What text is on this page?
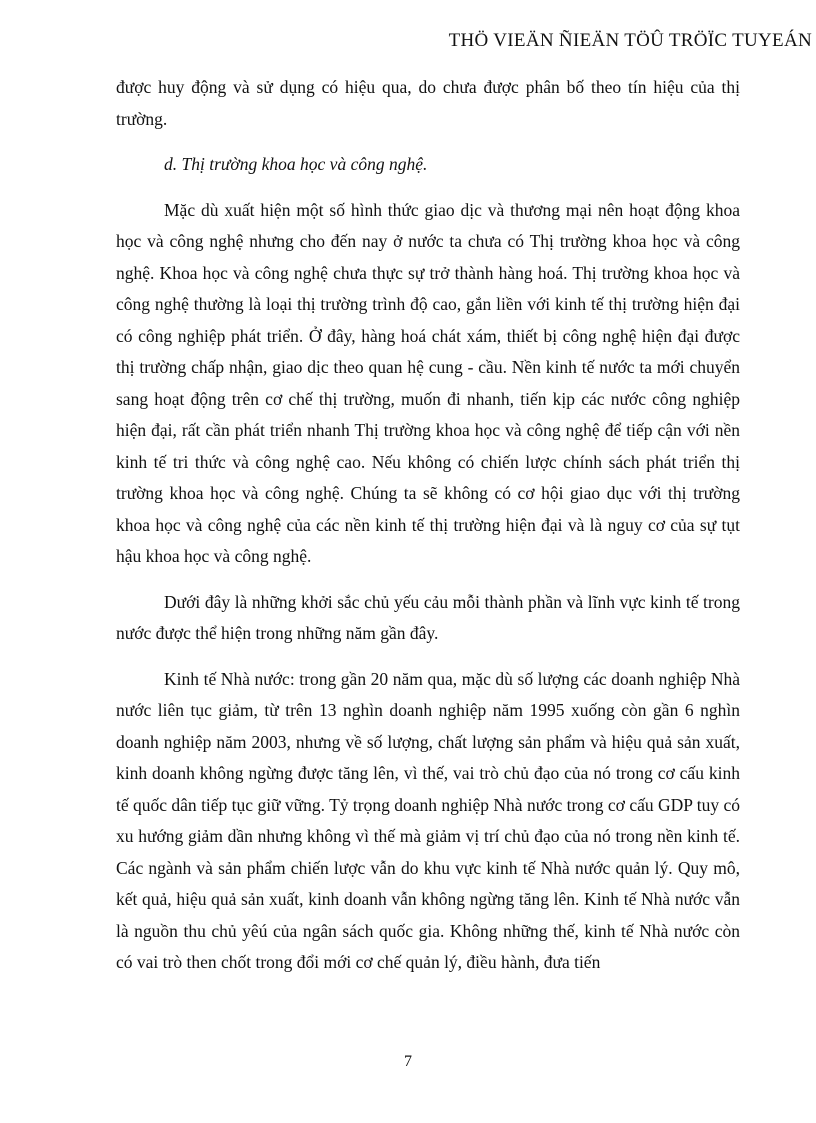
THÖ VIEÄN ÑIEÄN TÖÛ TRÖÏC TUYEÁN

được huy động và sử dụng có hiệu qua, do chưa được phân bố theo tín hiệu của thị trường.

d. Thị trường khoa học và công nghệ.

Mặc dù xuất hiện một số hình thức giao dịc và thương mại nên hoạt động khoa học và công nghệ nhưng cho đến nay ở nước ta chưa có Thị trường khoa học và công nghệ. Khoa học và công nghệ chưa thực sự trở thành hàng hoá. Thị trường khoa học và công nghệ thường là loại thị trường trình độ cao, gắn liền với kinh tế thị trường hiện đại có công nghiệp phát triển. Ở đây, hàng hoá chát xám, thiết bị công nghệ hiện đại được thị trường chấp nhận, giao dịc theo quan hệ cung - cầu. Nền kinh tế nước ta mới chuyển sang hoạt động trên cơ chế thị trường, muốn đi nhanh, tiến kịp các nước công nghiệp hiện đại, rất cần phát triển nhanh Thị trường khoa học và công nghệ để tiếp cận với nền kinh tế tri thức và công nghệ cao. Nếu không có chiến lược chính sách phát triển thị trường khoa học và công nghệ. Chúng ta sẽ không có cơ hội giao dục với thị trường khoa học và công nghệ của các nền kinh tế thị trường hiện đại và là nguy cơ của sự tụt hậu khoa học và công nghệ.

Dưới đây là những khởi sắc chủ yếu cảu mỗi thành phần và lĩnh vực kinh tế trong nước được thể hiện trong những năm gần đây.

Kinh tế Nhà nước: trong gần 20 năm qua, mặc dù số lượng các doanh nghiệp Nhà nước liên tục giảm, từ trên 13 nghìn doanh nghiệp năm 1995 xuống còn gần 6 nghìn doanh nghiệp năm 2003, nhưng về số lượng, chất lượng sản phẩm và hiệu quả sản xuất, kinh doanh không ngừng được tăng lên, vì thế, vai trò chủ đạo của nó trong cơ cấu kinh tế quốc dân tiếp tục giữ vững. Tỷ trọng doanh nghiệp Nhà nước trong cơ cấu GDP tuy có xu hướng giảm dần nhưng không vì thế mà giảm vị trí chủ đạo của nó trong nền kinh tế. Các ngành và sản phẩm chiến lược vẫn do khu vực kinh tế Nhà nước quản lý. Quy mô, kết quả, hiệu quả sản xuất, kinh doanh vẫn không ngừng tăng lên. Kinh tế Nhà nước vẫn là nguồn thu chủ yêú của ngân sách quốc gia. Không những thế, kinh tế Nhà nước còn có vai trò then chốt trong đổi mới cơ chế quản lý, điều hành, đưa tiến

7
